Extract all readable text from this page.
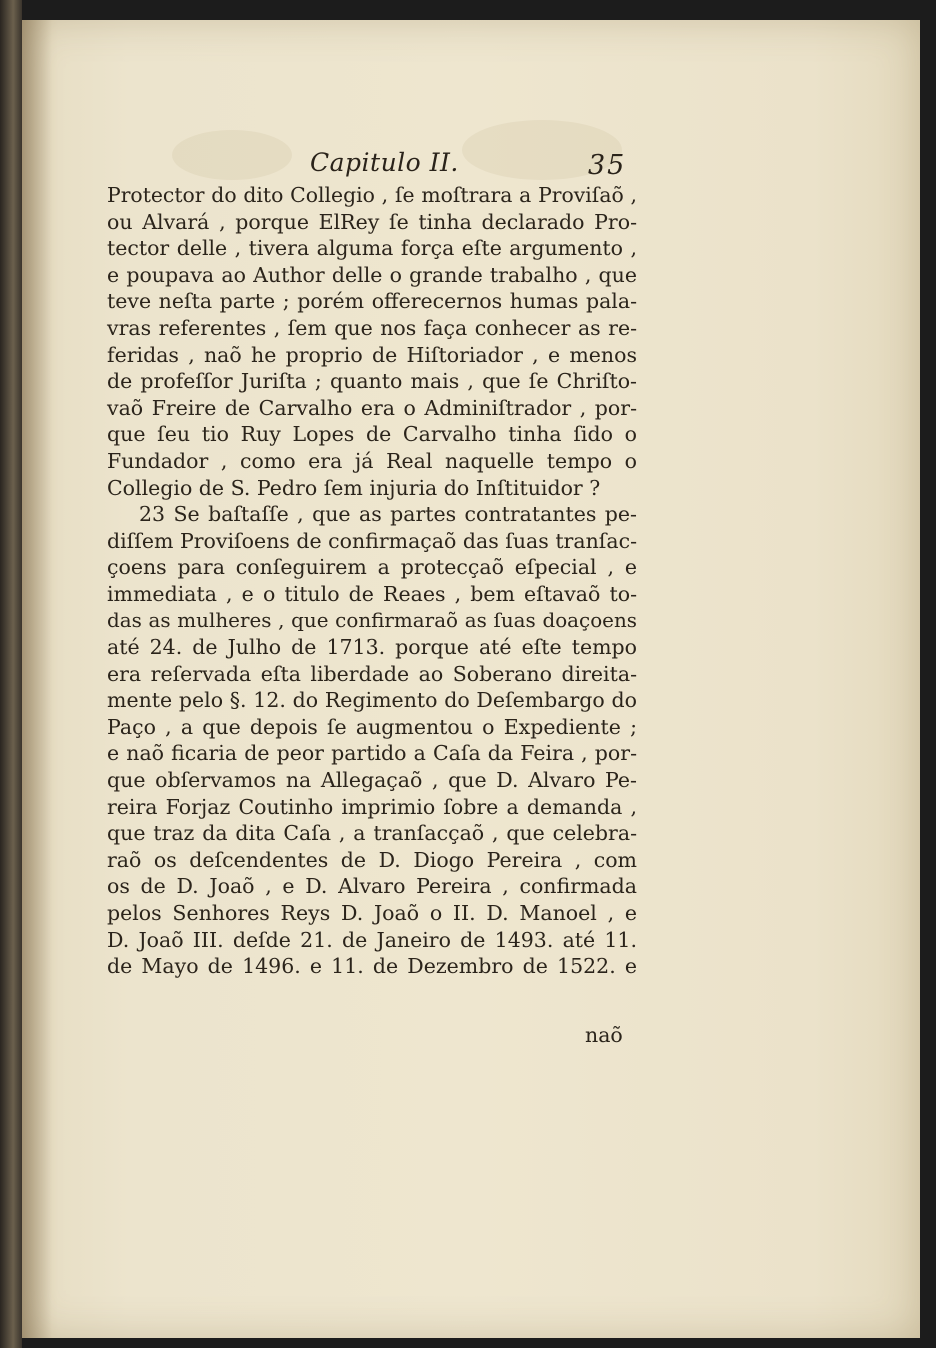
Capitulo II.	35
Protector do dito Collegio , ſe moſtrara a Proviſaõ ,
ou Alvará , porque ElRey ſe tinha declarado Pro-
tector delle , tivera alguma força eſte argumento ,
e poupava ao Author delle o grande trabalho , que
teve neſta parte ; porém offerecernos humas pala-
vras referentes , ſem que nos faça conhecer as re-
feridas , naõ he proprio de Hiſtoriador , e menos
de profeſſor Juriſta ; quanto mais , que ſe Chriſto-
vaõ Freire de Carvalho era o Adminiſtrador , por-
que ſeu tio Ruy Lopes de Carvalho tinha ſido o
Fundador , como era já Real naquelle tempo o
Collegio de S. Pedro ſem injuria do Inſtituidor ?
23 Se baſtaſſe , que as partes contratantes pe-
diſſem Proviſoens de confirmaçaõ das ſuas tranſac-
çoens para conſeguirem a protecçaõ eſpecial , e
immediata , e o titulo de Reaes , bem eſtavaõ to-
das as mulheres , que confirmaraõ as ſuas doaçoens
até 24. de Julho de 1713. porque até eſte tempo
era reſervada eſta liberdade ao Soberano direita-
mente pelo §. 12. do Regimento do Deſembargo do
Paço , a que depois ſe augmentou o Expediente ;
e naõ ficaria de peor partido a Caſa da Feira , por-
que obſervamos na Allegaçaõ , que D. Alvaro Pe-
reira Forjaz Coutinho imprimio ſobre a demanda ,
que traz da dita Caſa , a tranſacçaõ , que celebra-
raõ os deſcendentes de D. Diogo Pereira , com
os de D. Joaõ , e D. Alvaro Pereira , confirmada
pelos Senhores Reys D. Joaõ o II. D. Manoel , e
D. Joaõ III. deſde 21. de Janeiro de 1493. até 11.
de Mayo de 1496. e 11. de Dezembro de 1522. e
naõ
